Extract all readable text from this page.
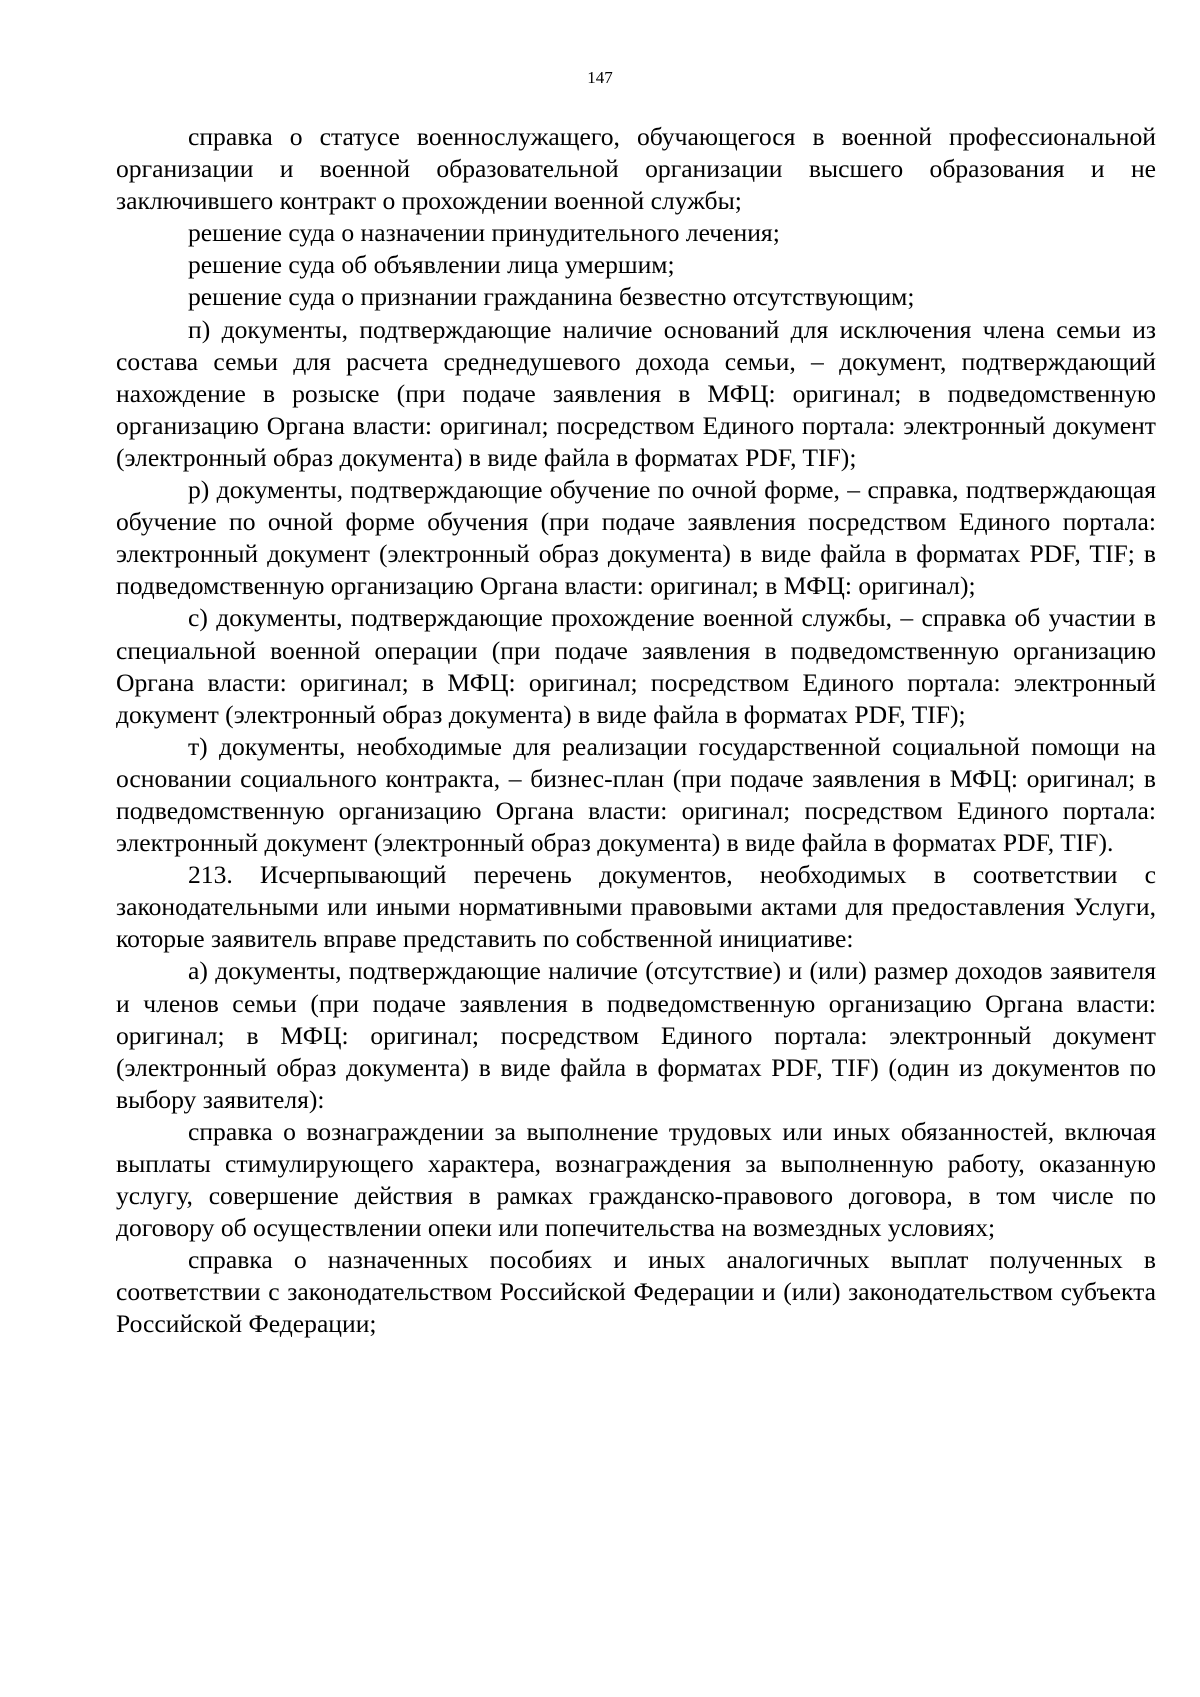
147

справка о статусе военнослужащего, обучающегося в военной профессиональной организации и военной образовательной организации высшего образования и не заключившего контракт о прохождении военной службы;

решение суда о назначении принудительного лечения;

решение суда об объявлении лица умершим;

решение суда о признании гражданина безвестно отсутствующим;

п) документы, подтверждающие наличие оснований для исключения члена семьи из состава семьи для расчета среднедушевого дохода семьи, – документ, подтверждающий нахождение в розыске (при подаче заявления в МФЦ: оригинал; в подведомственную организацию Органа власти: оригинал; посредством Единого портала: электронный документ (электронный образ документа) в виде файла в форматах PDF, TIF);

р) документы, подтверждающие обучение по очной форме, – справка, подтверждающая обучение по очной форме обучения (при подаче заявления посредством Единого портала: электронный документ (электронный образ документа) в виде файла в форматах PDF, TIF; в подведомственную организацию Органа власти: оригинал; в МФЦ: оригинал);

с) документы, подтверждающие прохождение военной службы, – справка об участии в специальной военной операции (при подаче заявления в подведомственную организацию Органа власти: оригинал; в МФЦ: оригинал; посредством Единого портала: электронный документ (электронный образ документа) в виде файла в форматах PDF, TIF);

т) документы, необходимые для реализации государственной социальной помощи на основании социального контракта, – бизнес-план (при подаче заявления в МФЦ: оригинал; в подведомственную организацию Органа власти: оригинал; посредством Единого портала: электронный документ (электронный образ документа) в виде файла в форматах PDF, TIF).

213. Исчерпывающий перечень документов, необходимых в соответствии с законодательными или иными нормативными правовыми актами для предоставления Услуги, которые заявитель вправе представить по собственной инициативе:

а) документы, подтверждающие наличие (отсутствие) и (или) размер доходов заявителя и членов семьи (при подаче заявления в подведомственную организацию Органа власти: оригинал; в МФЦ: оригинал; посредством Единого портала: электронный документ (электронный образ документа) в виде файла в форматах PDF, TIF) (один из документов по выбору заявителя):

справка о вознаграждении за выполнение трудовых или иных обязанностей, включая выплаты стимулирующего характера, вознаграждения за выполненную работу, оказанную услугу, совершение действия в рамках гражданско-правового договора, в том числе по договору об осуществлении опеки или попечительства на возмездных условиях;

справка о назначенных пособиях и иных аналогичных выплат полученных в соответствии с законодательством Российской Федерации и (или) законодательством субъекта Российской Федерации;
